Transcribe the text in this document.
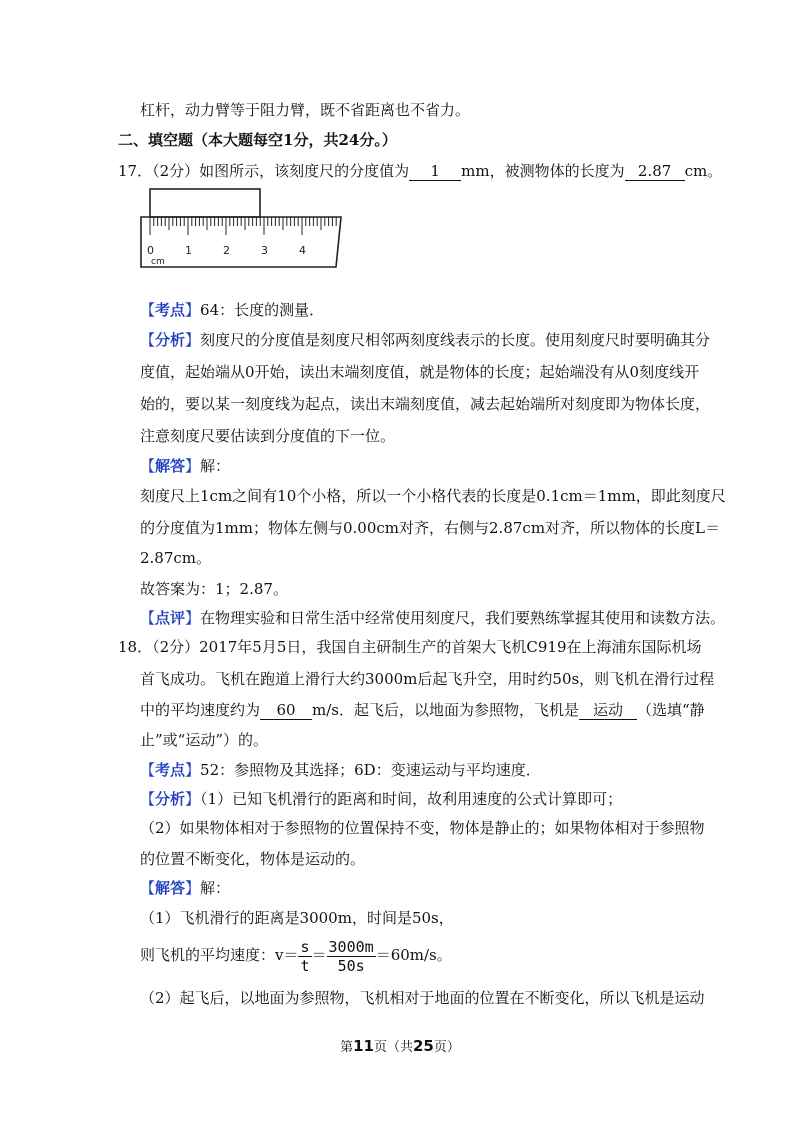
杠杆，动力臂等于阻力臂，既不省距离也不省力。
二、填空题（本大题每空1分，共24分。）
17．（2分）如图所示，该刻度尺的分度值为 1 mm，被测物体的长度为 2.87 cm。
0	1	2	3	4
cm
【考点】64：长度的测量．
【分析】刻度尺的分度值是刻度尺相邻两刻度线表示的长度。使用刻度尺时要明确其分
度值，起始端从0开始，读出末端刻度值，就是物体的长度；起始端没有从0刻度线开
始的，要以某一刻度线为起点，读出末端刻度值，减去起始端所对刻度即为物体长度，
注意刻度尺要估读到分度值的下一位。
【解答】解：
刻度尺上1cm之间有10个小格，所以一个小格代表的长度是0.1cm＝1mm，即此刻度尺
的分度值为1mm；物体左侧与0.00cm对齐，右侧与2.87cm对齐，所以物体的长度L＝
2.87cm。
故答案为：1；2.87。
【点评】在物理实验和日常生活中经常使用刻度尺，我们要熟练掌握其使用和读数方法。
18．（2分）2017年5月5日，我国自主研制生产的首架大飞机C919在上海浦东国际机场
首飞成功。飞机在跑道上滑行大约3000m后起飞升空，用时约50s，则飞机在滑行过程
中的平均速度约为 60 m/s．起飞后，以地面为参照物，飞机是 运动 （选填“静
止”或“运动”）的。
【考点】52：参照物及其选择；6D：变速运动与平均速度．
【分析】（1）已知飞机滑行的距离和时间，故利用速度的公式计算即可；
（2）如果物体相对于参照物的位置保持不变，物体是静止的；如果物体相对于参照物
的位置不断变化，物体是运动的。
【解答】解：
（1）飞机滑行的距离是3000m，时间是50s，
则飞机的平均速度：$v= \frac{s}{t} = \frac{3000m}{50s} =60m/s$。
（2）起飞后，以地面为参照物，飞机相对于地面的位置在不断变化，所以飞机是运动
第11页（共25页）
